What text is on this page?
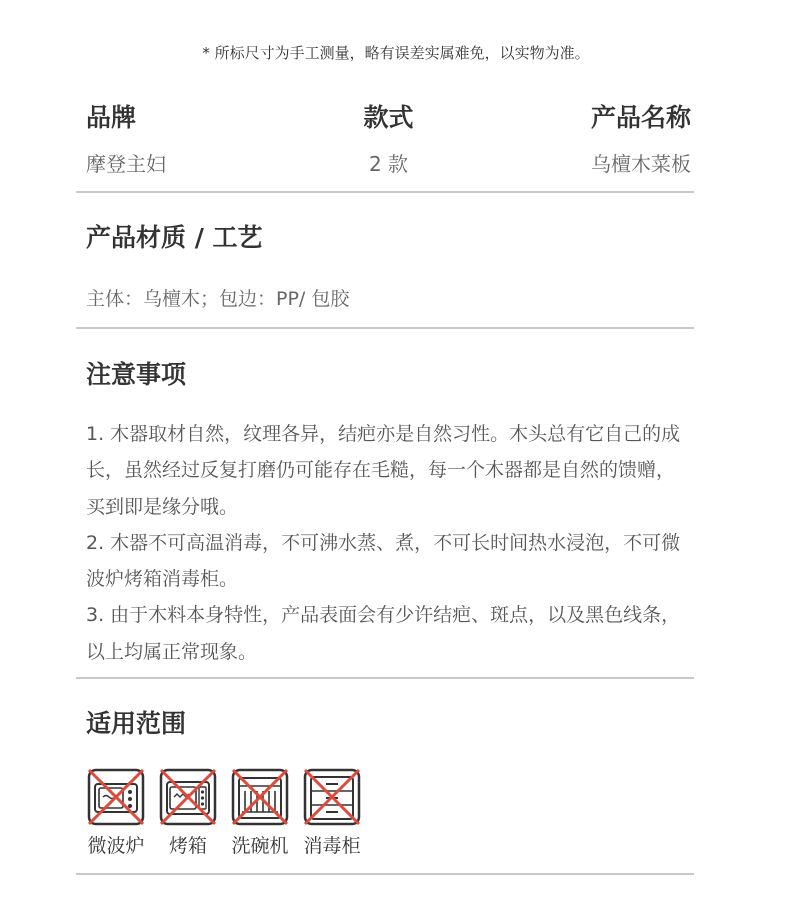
* 所标尺寸为手工测量，略有误差实属难免，以实物为准。
品牌	款式	产品名称
摩登主妇	2 款	乌檀木菜板
产品材质 / 工艺
主体：乌檀木；包边：PP/ 包胶
注意事项

1. 木器取材自然，纹理各异，结疤亦是自然习性。木头总有它自己的成长，虽然经过反复打磨仍可能存在毛糙，每一个木器都是自然的馈赠，买到即是缘分哦。

2. 木器不可高温消毒，不可沸水蒸、煮，不可长时间热水浸泡，不可微波炉烤箱消毒柜。

3. 由于木料本身特性，产品表面会有少许结疤、斑点，以及黑色线条，以上均属正常现象。

适用范围
微波炉	烤箱	洗碗机 消毒柜
